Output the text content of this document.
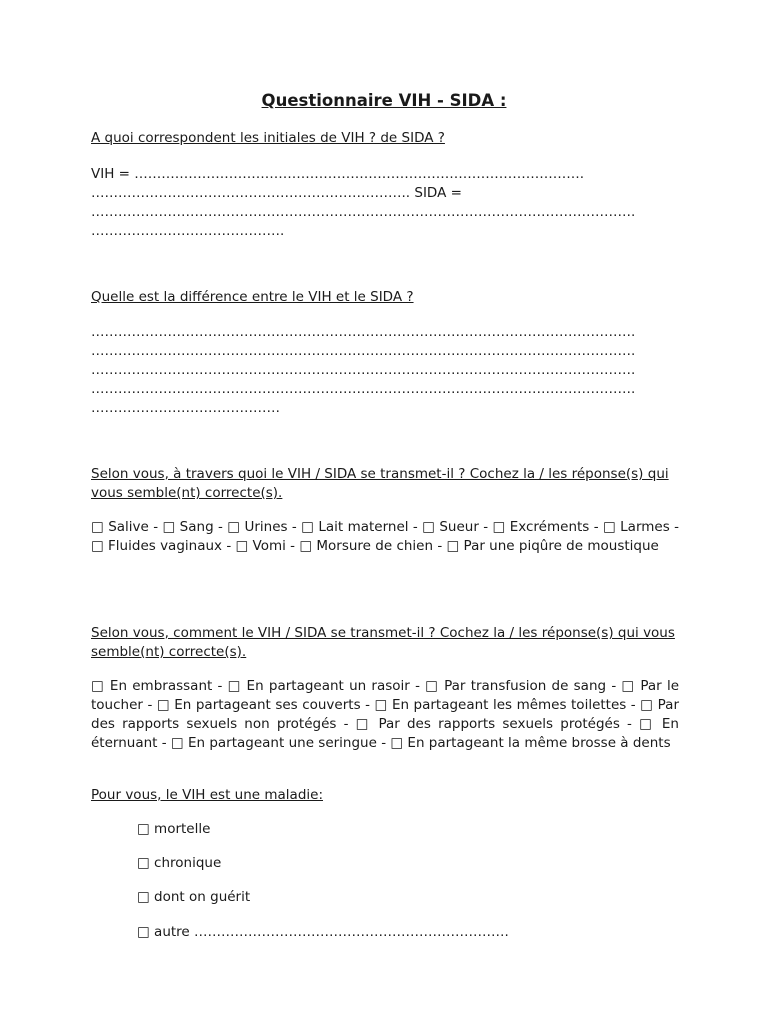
Questionnaire VIH - SIDA :

A quoi correspondent les initiales de VIH ? de SIDA ?

VIH = ……………………………………………………………………………………….
…………………………………………………………….. SIDA =
………………………………………………………………………………………………………….
…………………………………….

Quelle est la différence entre le VIH et le SIDA ?

………………………………………………………………………………………………………….
………………………………………………………………………………………………………….
………………………………………………………………………………………………………….
………………………………………………………………………………………………………….
……………………………………

Selon vous, à travers quoi le VIH / SIDA se transmet-il ? Cochez la / les réponse(s) qui vous semble(nt) correcte(s).

□ Salive - □ Sang - □ Urines - □ Lait maternel - □ Sueur - □ Excréments - □ Larmes - □ Fluides vaginaux - □ Vomi - □ Morsure de chien - □ Par une piqûre de moustique

Selon vous, comment le VIH / SIDA se transmet-il ? Cochez la / les réponse(s) qui vous semble(nt) correcte(s).

□ En embrassant - □ En partageant un rasoir - □ Par transfusion de sang - □ Par le toucher - □ En partageant ses couverts - □ En partageant les mêmes toilettes - □ Par des rapports sexuels non protégés - □ Par des rapports sexuels protégés - □ En éternuant - □ En partageant une seringue - □ En partageant la même brosse à dents

Pour vous, le VIH est une maladie:

□ mortelle
□ chronique
□ dont on guérit
□ autre …………………………………………………………….
